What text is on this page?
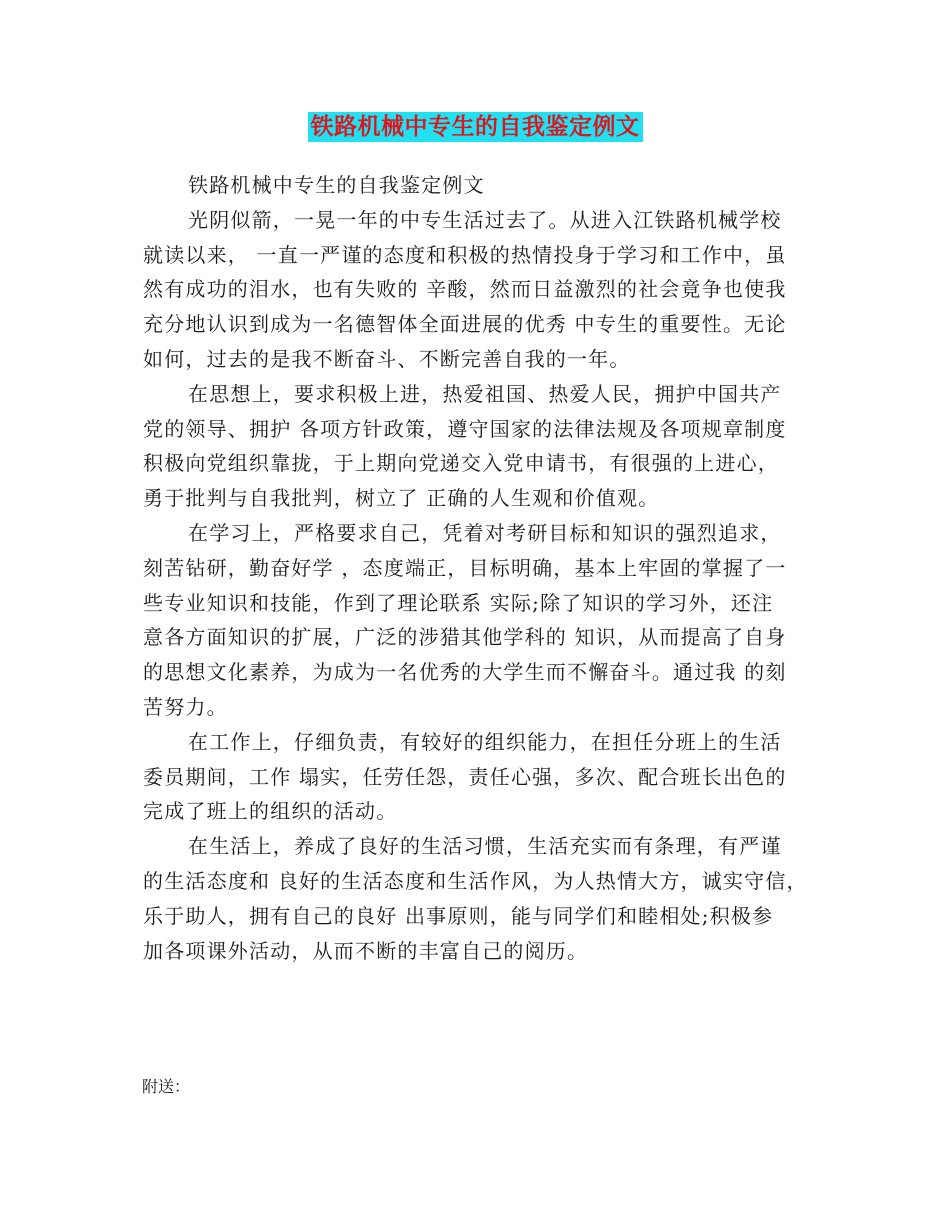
铁路机械中专生的自我鉴定例文
铁路机械中专生的自我鉴定例文
光阴似箭，一晃一年的中专生活过去了。从进入江铁路机械学校
就读以来， 一直一严谨的态度和积极的热情投身于学习和工作中，虽
然有成功的泪水，也有失败的 辛酸，然而日益激烈的社会竟争也使我
充分地认识到成为一名德智体全面进展的优秀 中专生的重要性。无论
如何，过去的是我不断奋斗、不断完善自我的一年。
在思想上，要求积极上进，热爱祖国、热爱人民，拥护中国共产
党的领导、拥护 各项方针政策，遵守国家的法律法规及各项规章制度
积极向党组织靠拢，于上期向党递交入党申请书，有很强的上进心，
勇于批判与自我批判，树立了 正确的人生观和价值观。
在学习上，严格要求自己，凭着对考研目标和知识的强烈追求，
刻苦钻研，勤奋好学 ，态度端正，目标明确，基本上牢固的掌握了一
些专业知识和技能，作到了理论联系 实际;除了知识的学习外，还注
意各方面知识的扩展，广泛的涉猎其他学科的 知识，从而提高了自身
的思想文化素养，为成为一名优秀的大学生而不懈奋斗。通过我 的刻
苦努力。
在工作上，仔细负责，有较好的组织能力，在担任分班上的生活
委员期间，工作 塌实，任劳任怨，责任心强，多次、配合班长出色的
完成了班上的组织的活动。
在生活上，养成了良好的生活习惯，生活充实而有条理，有严谨
的生活态度和 良好的生活态度和生活作风，为人热情大方，诚实守信，
乐于助人，拥有自己的良好 出事原则，能与同学们和睦相处;积极参
加各项课外活动，从而不断的丰富自己的阅历。
附送：
